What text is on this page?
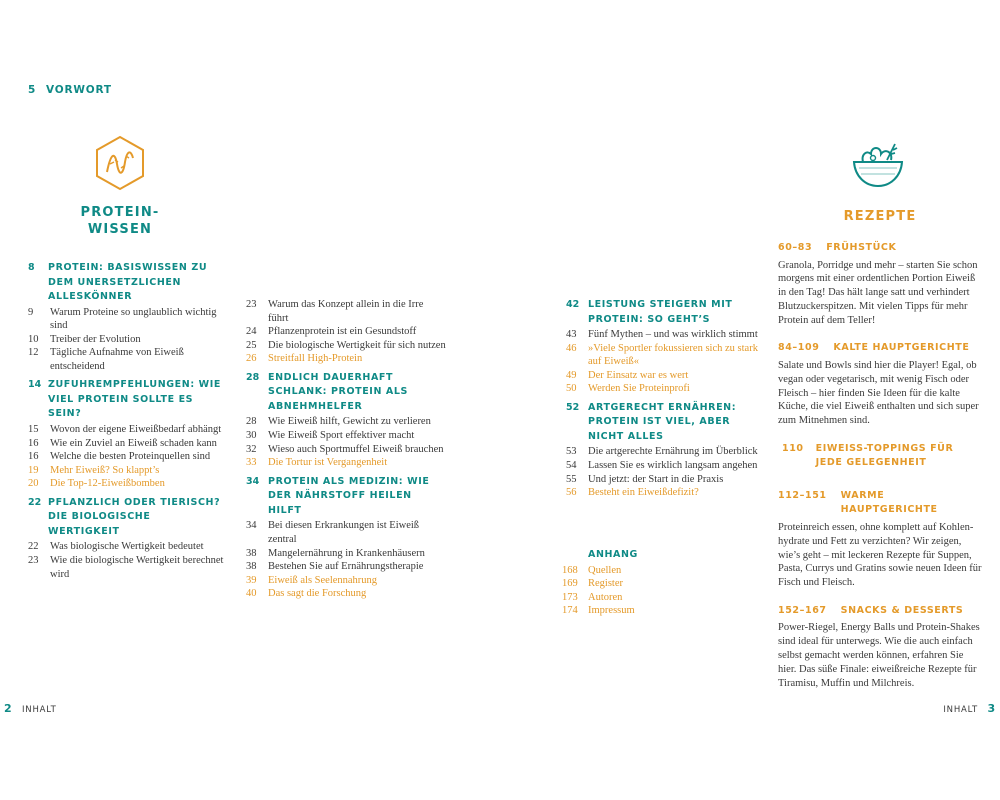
5 VORWORT
PROTEIN-
WISSEN
REZEPTE
8	PROTEIN: BASISWISSEN ZU DEM UNERSETZLICHEN ALLESKÖNNER
9	Warum Proteine so unglaublich wichtig sind
10	Treiber der Evolution
12	Tägliche Aufnahme von Eiweiß entscheidend
14 ZUFUHREMPFEHLUNGEN: WIE VIEL PROTEIN SOLLTE ES SEIN?
15	Wovon der eigene Eiweißbedarf abhängt
16	Wie ein Zuviel an Eiweiß schaden kann
16	Welche die besten Proteinquellen sind
19	Mehr Eiweiß? So klappt’s
20	Die Top-12-Eiweißbomben
22 PFLANZLICH ODER TIERISCH? DIE BIOLOGISCHE WERTIGKEIT
22	Was biologische Wertigkeit bedeutet
23	Wie die biologische Wertigkeit berechnet wird
23	Warum das Konzept allein in die Irre führt
24	Pflanzenprotein ist ein Gesundstoff
25	Die biologische Wertigkeit für sich nutzen
26	Streitfall High-Protein
28 ENDLICH DAUERHAFT SCHLANK: PROTEIN ALS ABNEHMHELFER
28	Wie Eiweiß hilft, Gewicht zu verlieren
30	Wie Eiweiß Sport effektiver macht
32	Wieso auch Sportmuffel Eiweiß brauchen
33	Die Tortur ist Vergangenheit
34 PROTEIN ALS MEDIZIN: WIE DER NÄHRSTOFF HEILEN HILFT
34	Bei diesen Erkrankungen ist Eiweiß zentral
38	Mangelernährung in Krankenhäusern
38	Bestehen Sie auf Ernährungstherapie
39	Eiweiß als Seelennahrung
40	Das sagt die Forschung
42 LEISTUNG STEIGERN MIT PROTEIN: SO GEHT’S
43	Fünf Mythen – und was wirklich stimmt
46	»Viele Sportler fokussieren sich zu stark auf Eiweiß«
49	Der Einsatz war es wert
50	Werden Sie Proteinprofi
52 ARTGERECHT ERNÄHREN: PROTEIN IST VIEL, ABER NICHT ALLES
53	Die artgerechte Ernährung im Überblick
54	Lassen Sie es wirklich langsam angehen
55	Und jetzt: der Start in die Praxis
56	Besteht ein Eiweißdefizit?
ANHANG
168 Quellen
169 Register
173 Autoren
174 Impressum
60–83 FRÜHSTÜCK
Granola, Porridge und mehr – starten Sie schon morgens mit einer ordentlichen Portion Eiweiß in den Tag! Das hält lange satt und verhindert Blutzuckerspitzen. Mit vielen Tipps für mehr Protein auf dem Teller!
84–109 KALTE HAUPTGERICHTE
Salate und Bowls sind hier die Player! Egal, ob vegan oder vegetarisch, mit wenig Fisch oder Fleisch – hier finden Sie Ideen für die kalte Küche, die viel Eiweiß enthalten und sich super zum Mitnehmen sind.
110 EIWEISS-TOPPINGS FÜR JEDE GELEGENHEIT
112–151 WARME HAUPTGERICHTE
Proteinreich essen, ohne komplett auf Kohlen-hydrate und Fett zu verzichten? Wir zeigen, wie’s geht – mit leckeren Rezepte für Suppen, Pasta, Currys und Gratins sowie neuen Ideen für Fisch und Fleisch.
152–167 SNACKS & DESSERTS
Power-Riegel, Energy Balls und Protein-Shakes sind ideal für unterwegs. Wie die auch einfach selbst gemacht werden können, erfahren Sie hier. Das süße Finale: eiweißreiche Rezepte für Tiramisu, Muffin und Milchreis.
2 INHALT	INHALT 3
